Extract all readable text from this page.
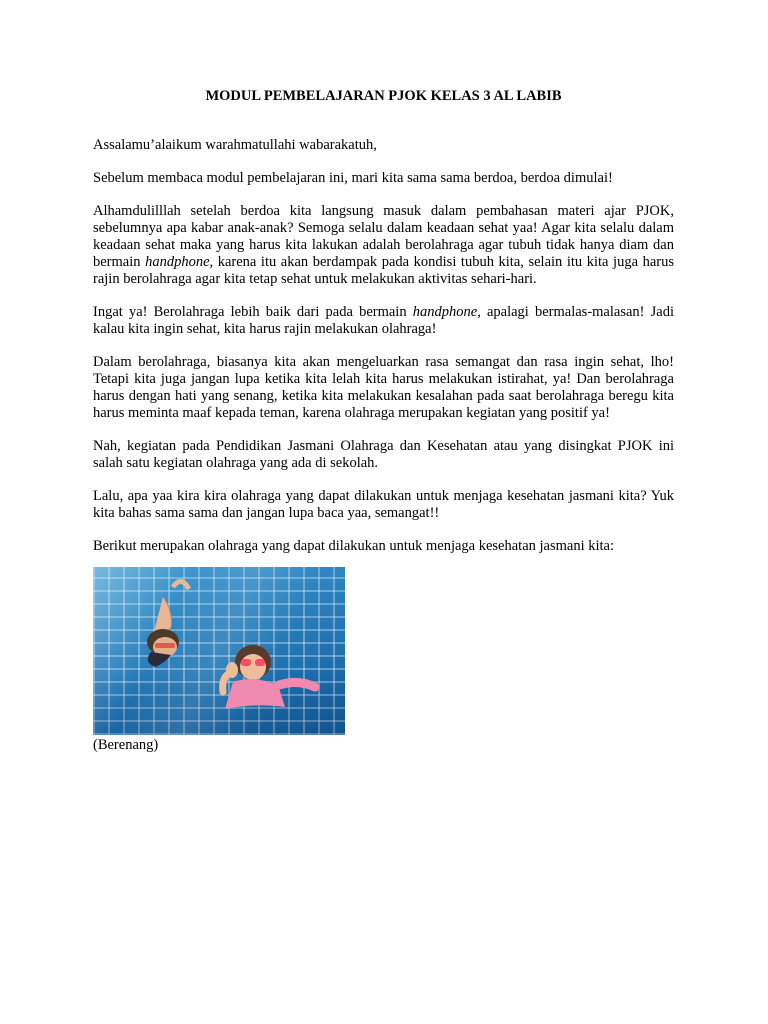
MODUL PEMBELAJARAN PJOK KELAS 3 AL LABIB

Assalamu’alaikum warahmatullahi wabarakatuh,

Sebelum membaca modul pembelajaran ini, mari kita sama sama berdoa, berdoa dimulai!

Alhamdulilllah setelah berdoa kita langsung masuk dalam pembahasan materi ajar PJOK, sebelumnya apa kabar anak-anak? Semoga selalu dalam keadaan sehat yaa! Agar kita selalu dalam keadaan sehat maka yang harus kita lakukan adalah berolahraga agar tubuh tidak hanya diam dan bermain handphone, karena itu akan berdampak pada kondisi tubuh kita, selain itu kita juga harus rajin berolahraga agar kita tetap sehat untuk melakukan aktivitas sehari-hari.

Ingat ya! Berolahraga lebih baik dari pada bermain handphone, apalagi bermalas-malasan! Jadi kalau kita ingin sehat, kita harus rajin melakukan olahraga!

Dalam berolahraga, biasanya kita akan mengeluarkan rasa semangat dan rasa ingin sehat, lho! Tetapi kita juga jangan lupa ketika kita lelah kita harus melakukan istirahat, ya! Dan berolahraga harus dengan hati yang senang, ketika kita melakukan kesalahan pada saat berolahraga beregu kita harus meminta maaf kepada teman, karena olahraga merupakan kegiatan yang positif ya!

Nah, kegiatan pada Pendidikan Jasmani Olahraga dan Kesehatan atau yang disingkat PJOK ini salah satu kegiatan olahraga yang ada di sekolah.

Lalu, apa yaa kira kira olahraga yang dapat dilakukan untuk menjaga kesehatan jasmani kita? Yuk kita bahas sama sama dan jangan lupa baca yaa, semangat!!

Berikut merupakan olahraga yang dapat dilakukan untuk menjaga kesehatan jasmani kita:

(Berenang)
